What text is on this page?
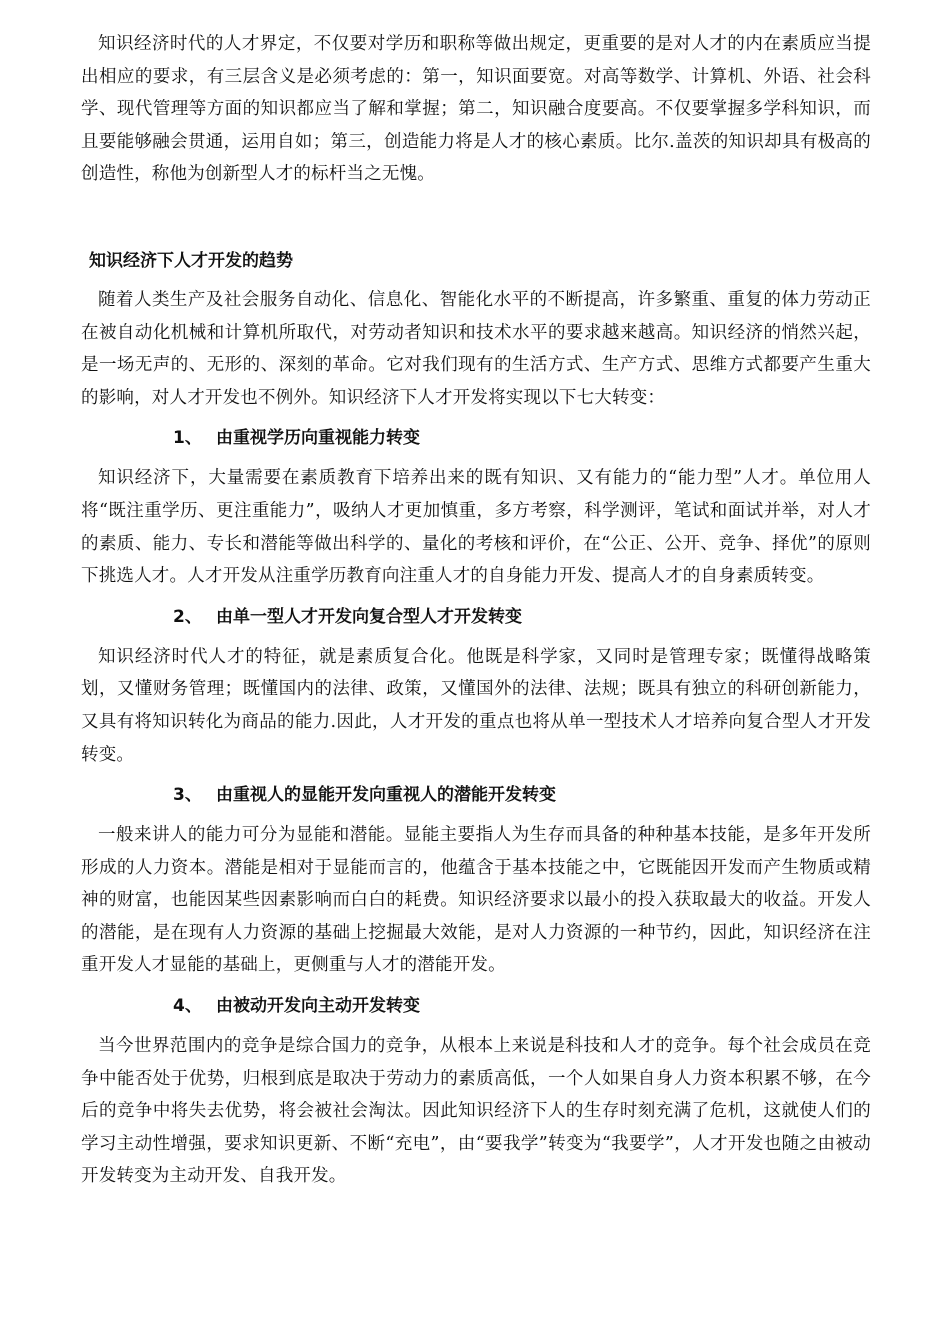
知识经济时代的人才界定，不仅要对学历和职称等做出规定，更重要的是对人才的内在素质应当提出相应的要求，有三层含义是必须考虑的：第一，知识面要宽。对高等数学、计算机、外语、社会科学、现代管理等方面的知识都应当了解和掌握；第二，知识融合度要高。不仅要掌握多学科知识，而且要能够融会贯通，运用自如；第三，创造能力将是人才的核心素质。比尔.盖茨的知识却具有极高的创造性，称他为创新型人才的标杆当之无愧。

知识经济下人才开发的趋势

随着人类生产及社会服务自动化、信息化、智能化水平的不断提高，许多繁重、重复的体力劳动正在被自动化机械和计算机所取代，对劳动者知识和技术水平的要求越来越高。知识经济的悄然兴起，是一场无声的、无形的、深刻的革命。它对我们现有的生活方式、生产方式、思维方式都要产生重大的影响，对人才开发也不例外。知识经济下人才开发将实现以下七大转变：

1、 由重视学历向重视能力转变

知识经济下，大量需要在素质教育下培养出来的既有知识、又有能力的“能力型”人才。单位用人将“既注重学历、更注重能力”，吸纳人才更加慎重，多方考察，科学测评，笔试和面试并举，对人才的素质、能力、专长和潜能等做出科学的、量化的考核和评价，在“公正、公开、竞争、择优”的原则下挑选人才。人才开发从注重学历教育向注重人才的自身能力开发、提高人才的自身素质转变。

2、 由单一型人才开发向复合型人才开发转变

知识经济时代人才的特征，就是素质复合化。他既是科学家，又同时是管理专家；既懂得战略策划，又懂财务管理；既懂国内的法律、政策，又懂国外的法律、法规；既具有独立的科研创新能力，又具有将知识转化为商品的能力.因此，人才开发的重点也将从单一型技术人才培养向复合型人才开发转变。

3、 由重视人的显能开发向重视人的潜能开发转变

一般来讲人的能力可分为显能和潜能。显能主要指人为生存而具备的种种基本技能，是多年开发所形成的人力资本。潜能是相对于显能而言的，他蕴含于基本技能之中，它既能因开发而产生物质或精神的财富，也能因某些因素影响而白白的耗费。知识经济要求以最小的投入获取最大的收益。开发人的潜能，是在现有人力资源的基础上挖掘最大效能，是对人力资源的一种节约，因此，知识经济在注重开发人才显能的基础上，更侧重与人才的潜能开发。

4、 由被动开发向主动开发转变

当今世界范围内的竞争是综合国力的竞争，从根本上来说是科技和人才的竞争。每个社会成员在竞争中能否处于优势，归根到底是取决于劳动力的素质高低，一个人如果自身人力资本积累不够，在今后的竞争中将失去优势，将会被社会淘汰。因此知识经济下人的生存时刻充满了危机，这就使人们的学习主动性增强，要求知识更新、不断“充电”，由“要我学”转变为“我要学”，人才开发也随之由被动开发转变为主动开发、自我开发。
